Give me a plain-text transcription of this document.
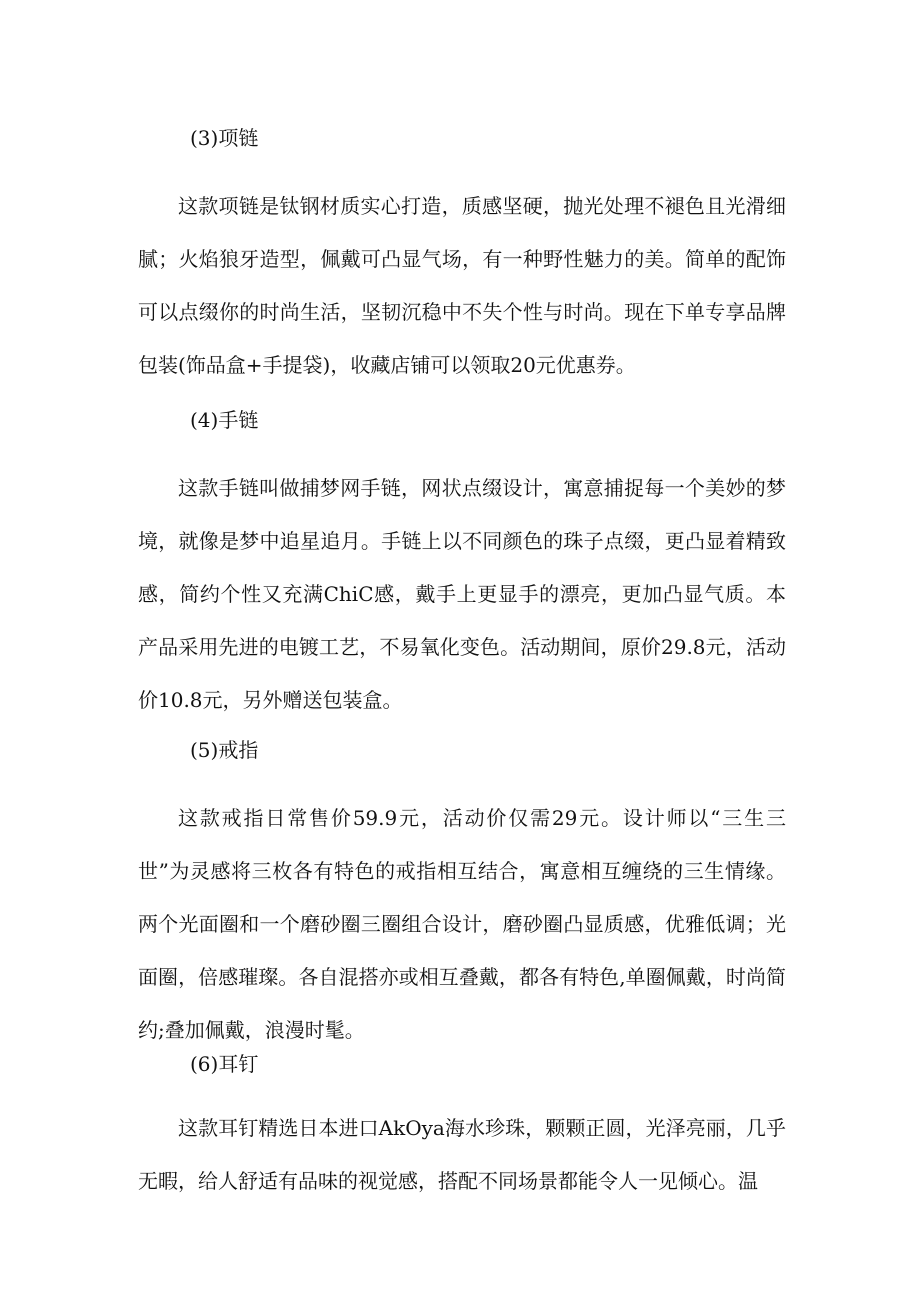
(3)项链

这款项链是钛钢材质实心打造，质感坚硬，抛光处理不褪色且光滑细腻；火焰狼牙造型，佩戴可凸显气场，有一种野性魅力的美。简单的配饰可以点缀你的时尚生活，坚韧沉稳中不失个性与时尚。现在下单专享品牌包装(饰品盒+手提袋)，收藏店铺可以领取20元优惠券。

(4)手链

这款手链叫做捕梦网手链，网状点缀设计，寓意捕捉每一个美妙的梦境，就像是梦中追星追月。手链上以不同颜色的珠子点缀，更凸显着精致感，简约个性又充满ChiC感，戴手上更显手的漂亮，更加凸显气质。本产品采用先进的电镀工艺，不易氧化变色。活动期间，原价29.8元，活动价10.8元，另外赠送包装盒。

(5)戒指

这款戒指日常售价59.9元，活动价仅需29元。设计师以“三生三世”为灵感将三枚各有特色的戒指相互结合，寓意相互缠绕的三生情缘。两个光面圈和一个磨砂圈三圈组合设计，磨砂圈凸显质感，优雅低调；光面圈，倍感璀璨。各自混搭亦或相互叠戴，都各有特色,单圈佩戴，时尚简约;叠加佩戴，浪漫时髦。

(6)耳钉

这款耳钉精选日本进口AkOya海水珍珠，颗颗正圆，光泽亮丽，几乎无暇，给人舒适有品味的视觉感，搭配不同场景都能令人一见倾心。温
